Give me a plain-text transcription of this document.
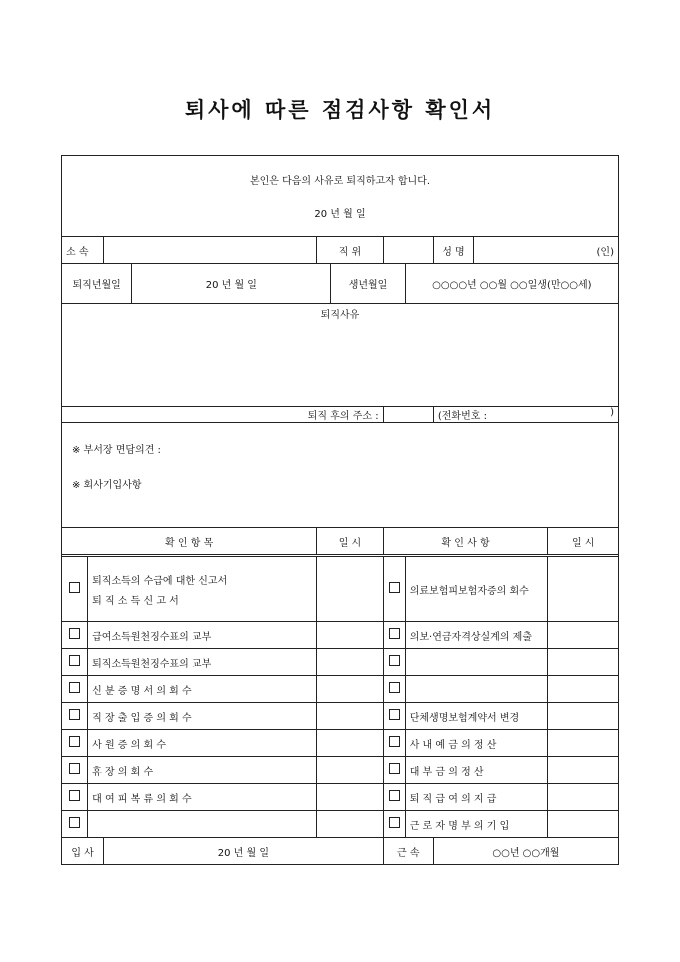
퇴사에 따른 점검사항 확인서
본인은 다음의 사유로 퇴직하고자 합니다.
20 년 월 일										

소 속				직 위				성 명	(인)	
퇴직년월일			20 년 월 일		생년월일		○○○○년 ○○월 ○○일생(만○○세)			
퇴직사유										
퇴직 후의 주소 :								(전화번호 : )		

※ 부서장 면담의견 :
※ 회사기입사항										

확 인 항 목				일 시		확 인 사 항				일 시

	퇴직소득의 수급에 대한 신고서
퇴 직 소 득 신 고 서						의료보험피보험자증의 회수			
	급여소득원천징수표의 교부						의보·연금자격상실계의 제출			
	퇴직소득원천징수표의 교부									
	신 분 증 명 서 의 회 수									
	직 장 출 입 증 의 회 수						단체생명보험계약서 변경			
	사 원 증 의 회 수						사 내 예 금 의 정 산			
	휴 장 의 회 수						대 부 금 의 정 산			
	대 여 피 복 류 의 회 수						퇴 직 급 여 의 지 급			
							근 로 자 명 부 의 기 입			
입 사		20 년 월 일				근 속		○○년 ○○개월		
